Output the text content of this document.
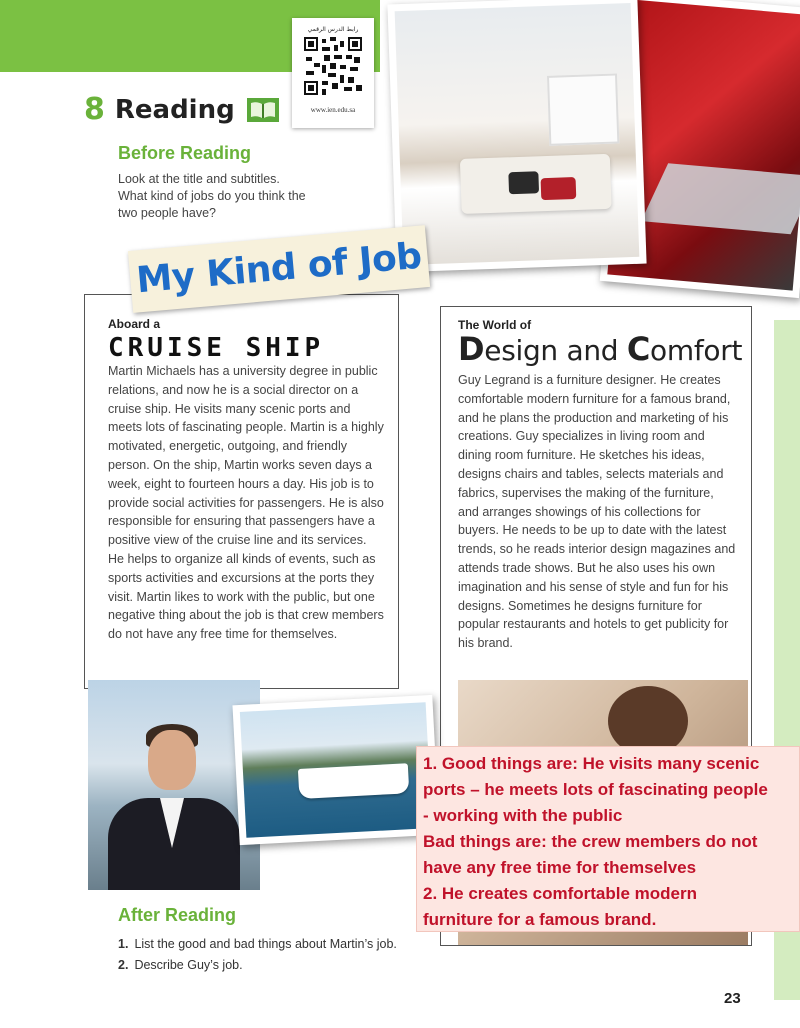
رابط الدرس الرقمي
www.ien.edu.sa
8 Reading
Before Reading
Look at the title and subtitles. What kind of jobs do you think the two people have?
My Kind of Job
Aboard a
CRUISE SHIP
Martin Michaels has a university degree in public relations, and now he is a social director on a cruise ship. He visits many scenic ports and meets lots of fascinating people. Martin is a highly motivated, energetic, outgoing, and friendly person. On the ship, Martin works seven days a week, eight to fourteen hours a day. His job is to provide social activities for passengers. He is also responsible for ensuring that passengers have a positive view of the cruise line and its services. He helps to organize all kinds of events, such as sports activities and excursions at the ports they visit. Martin likes to work with the public, but one negative thing about the job is that crew members do not have any free time for themselves.
The World of
Design and Comfort
Guy Legrand is a furniture designer. He creates comfortable modern furniture for a famous brand, and he plans the production and marketing of his creations. Guy specializes in living room and dining room furniture. He sketches his ideas, designs chairs and tables, selects materials and fabrics, supervises the making of the furniture, and arranges showings of his collections for buyers. He needs to be up to date with the latest trends, so he reads interior design magazines and attends trade shows. But he also uses his own imagination and his sense of style and fun for his designs. Sometimes he designs furniture for popular restaurants and hotels to get publicity for his brand.
1. Good things are: He visits many scenic
ports – he meets lots of fascinating people
- working with the public
Bad things are: the crew members do not
have any free time for themselves
2. He creates comfortable modern
furniture for a famous brand.
After Reading
1. List the good and bad things about Martin’s job.
2. Describe Guy’s job.
23
